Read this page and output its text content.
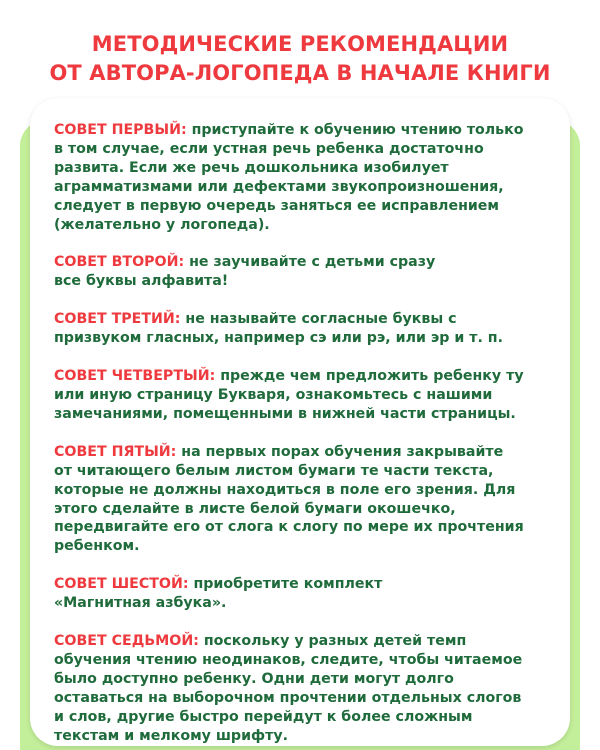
МЕТОДИЧЕСКИЕ РЕКОМЕНДАЦИИ
ОТ АВТОРА-ЛОГОПЕДА В НАЧАЛЕ КНИГИ
СОВЕТ ПЕРВЫЙ: приступайте к обучению чтению только
в том случае, если устная речь ребенка достаточно
развита. Если же речь дошкольника изобилует
аграмматизмами или дефектами звукопроизношения,
следует в первую очередь заняться ее исправлением
(желательно у логопеда).
СОВЕТ ВТОРОЙ: не заучивайте с детьми сразу
все буквы алфавита!
СОВЕТ ТРЕТИЙ: не называйте согласные буквы с
призвуком гласных, например сэ или рэ, или эр и т. п.
СОВЕТ ЧЕТВЕРТЫЙ: прежде чем предложить ребенку ту
или иную страницу Букваря, ознакомьтесь с нашими
замечаниями, помещенными в нижней части страницы.
СОВЕТ ПЯТЫЙ: на первых порах обучения закрывайте
от читающего белым листом бумаги те части текста,
которые не должны находиться в поле его зрения. Для
этого сделайте в листе белой бумаги окошечко,
передвигайте его от слога к слогу по мере их прочтения
ребенком.
СОВЕТ ШЕСТОЙ: приобретите комплект
«Магнитная азбука».
СОВЕТ СЕДЬМОЙ: поскольку у разных детей темп
обучения чтению неодинаков, следите, чтобы читаемое
было доступно ребенку. Одни дети могут долго
оставаться на выборочном прочтении отдельных слогов
и слов, другие быстро перейдут к более сложным
текстам и мелкому шрифту.
